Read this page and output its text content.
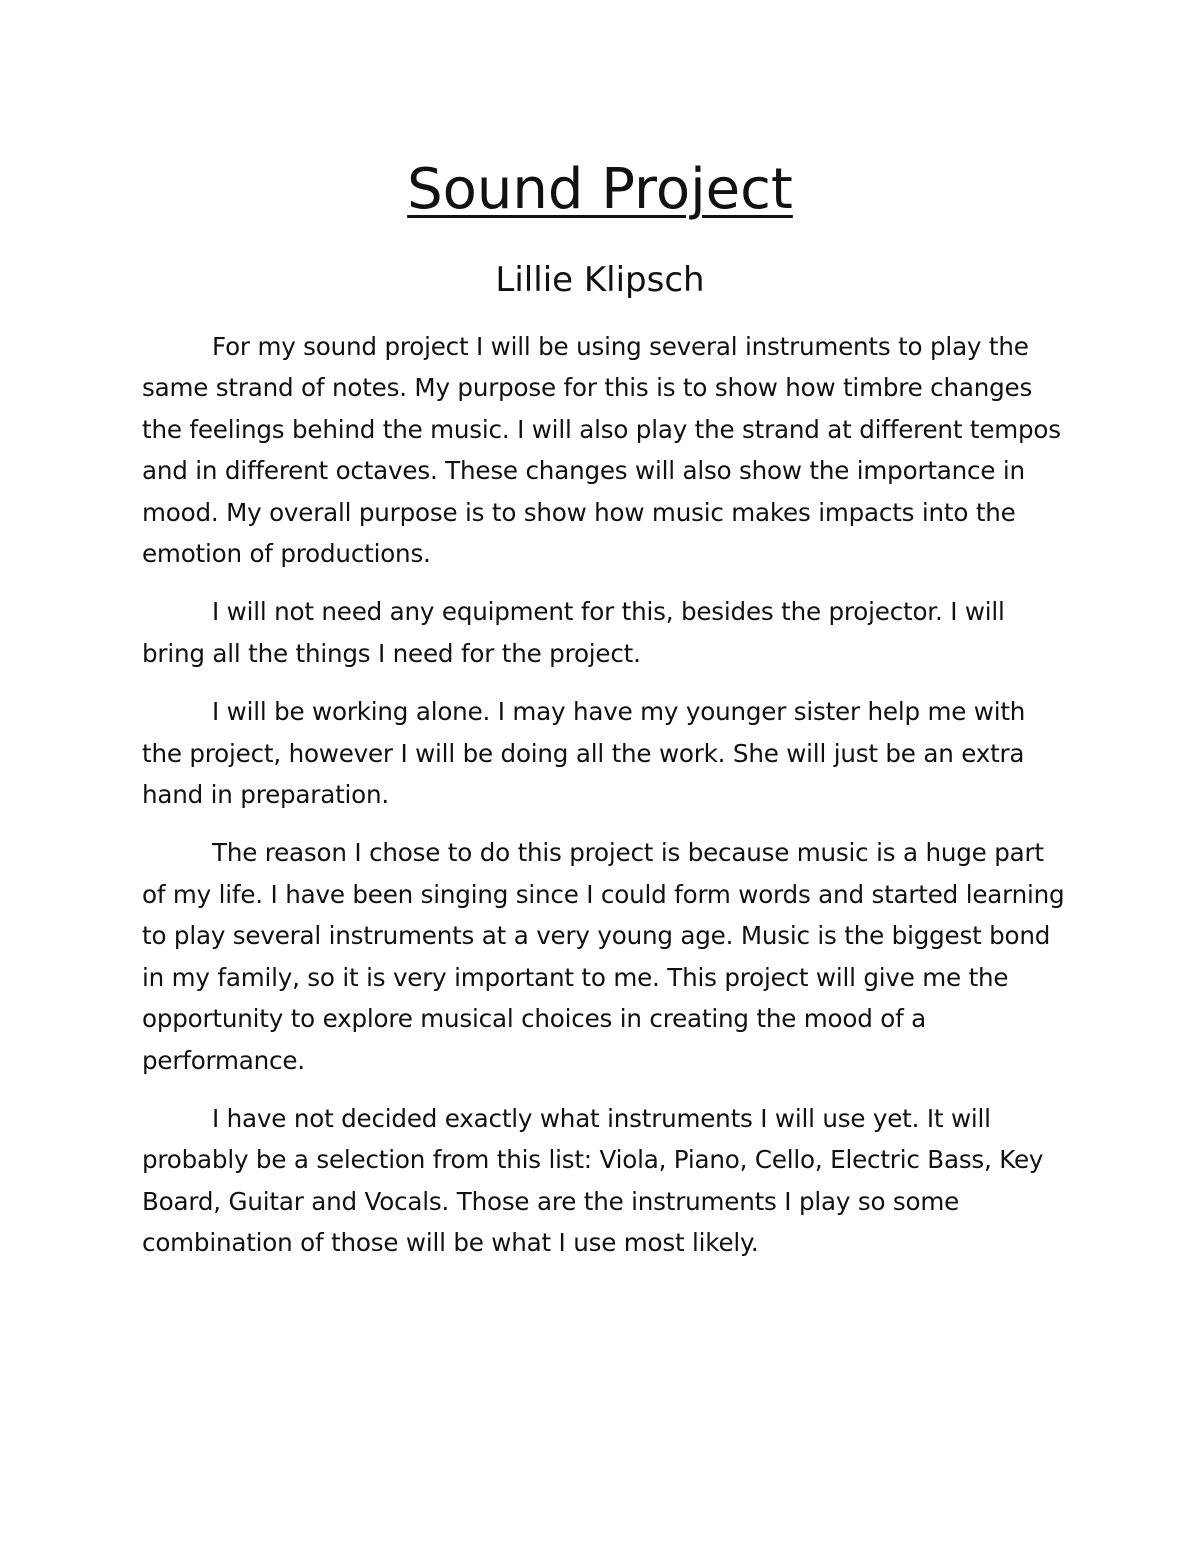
Sound Project

Lillie Klipsch

For my sound project I will be using several instruments to play the same strand of notes. My purpose for this is to show how timbre changes the feelings behind the music. I will also play the strand at different tempos and in different octaves. These changes will also show the importance in mood. My overall purpose is to show how music makes impacts into the emotion of productions.

I will not need any equipment for this, besides the projector. I will bring all the things I need for the project.

I will be working alone. I may have my younger sister help me with the project, however I will be doing all the work. She will just be an extra hand in preparation.

The reason I chose to do this project is because music is a huge part of my life. I have been singing since I could form words and started learning to play several instruments at a very young age. Music is the biggest bond in my family, so it is very important to me. This project will give me the opportunity to explore musical choices in creating the mood of a performance.

I have not decided exactly what instruments I will use yet. It will probably be a selection from this list: Viola, Piano, Cello, Electric Bass, Key Board, Guitar and Vocals. Those are the instruments I play so some combination of those will be what I use most likely.
